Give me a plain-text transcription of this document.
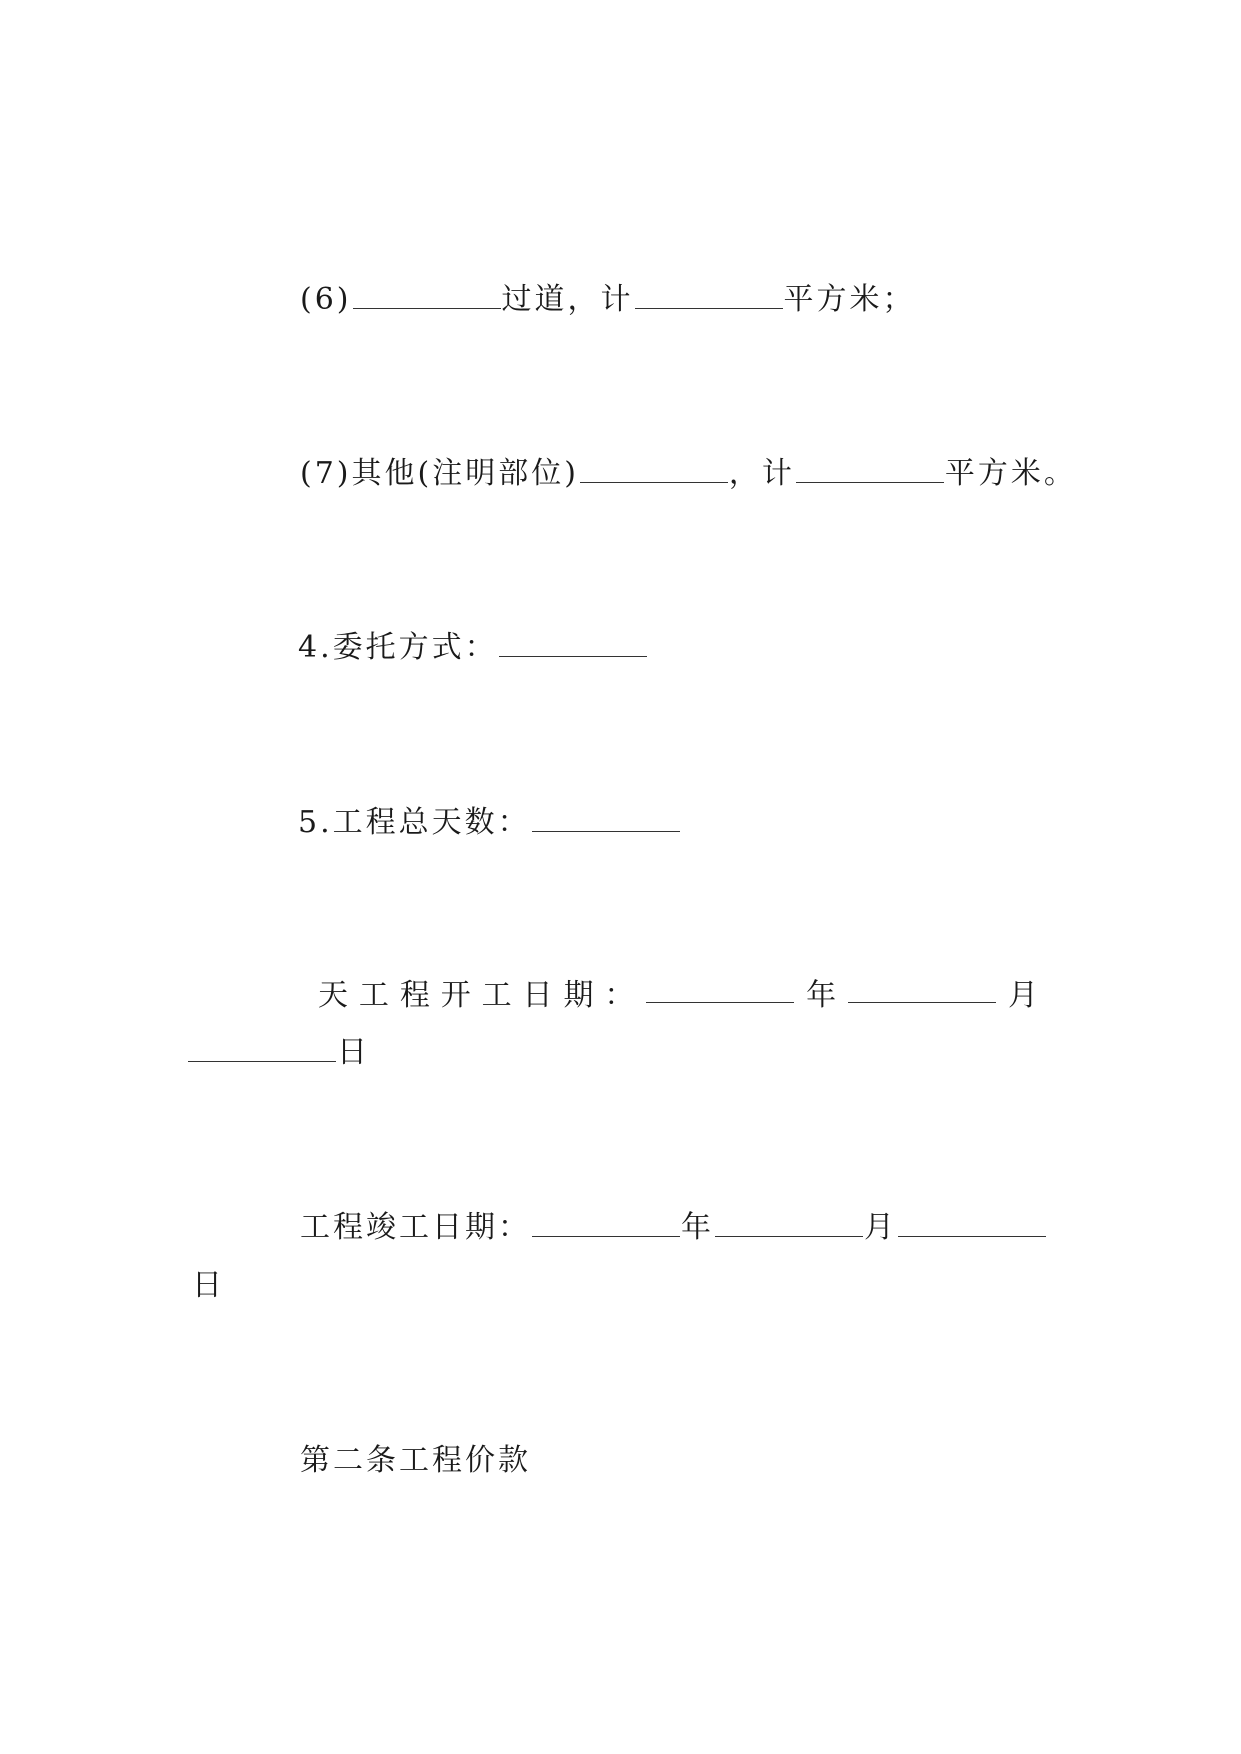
(6)	过道，计	平方米；
(7)其他(注明部位)	，计	平方米。
4.委托方式：
5.工程总天数：
天 工 程 开 工 日 期 ：	年	月
日
工程竣工日期：	年	月
日
第二条工程价款
